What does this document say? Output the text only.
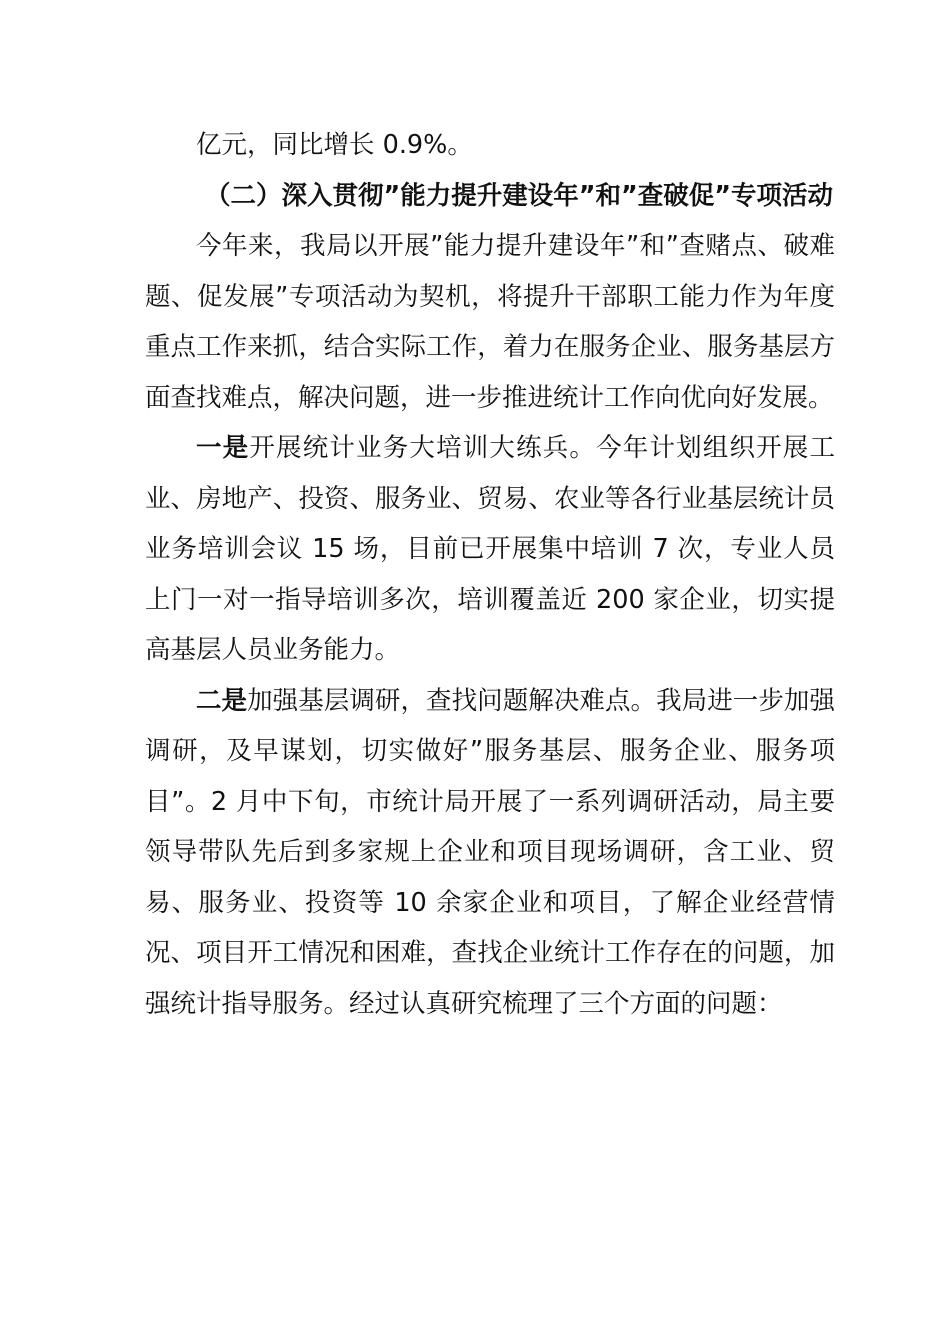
亿元，同比增长 0.9%。

（二）深入贯彻”能力提升建设年”和”查破促”专项活动

今年来，我局以开展”能力提升建设年”和”查赌点、破难题、促发展”专项活动为契机，将提升干部职工能力作为年度重点工作来抓，结合实际工作，着力在服务企业、服务基层方面查找难点，解决问题，进一步推进统计工作向优向好发展。

一是开展统计业务大培训大练兵。今年计划组织开展工业、房地产、投资、服务业、贸易、农业等各行业基层统计员业务培训会议 15 场，目前已开展集中培训 7 次，专业人员上门一对一指导培训多次，培训覆盖近 200 家企业，切实提高基层人员业务能力。

二是加强基层调研，查找问题解决难点。我局进一步加强调研，及早谋划，切实做好”服务基层、服务企业、服务项目”。2 月中下旬，市统计局开展了一系列调研活动，局主要领导带队先后到多家规上企业和项目现场调研，含工业、贸易、服务业、投资等 10 余家企业和项目，了解企业经营情况、项目开工情况和困难，查找企业统计工作存在的问题，加强统计指导服务。经过认真研究梳理了三个方面的问题：
